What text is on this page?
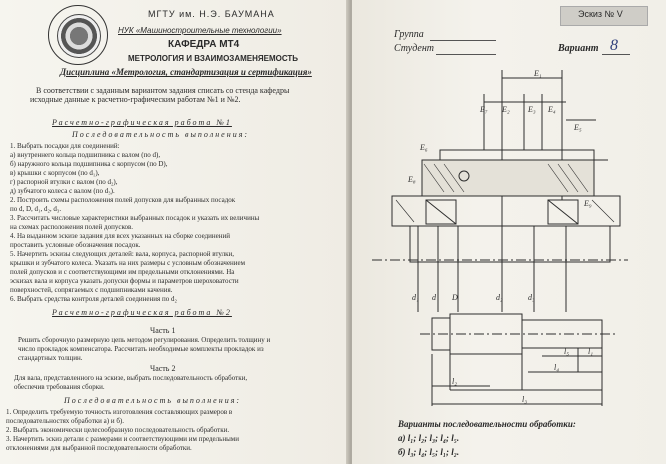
МГТУ им. Н.Э. БАУМАНА
НУК «Машиностроительные технологии»
КАФЕДРА МТ4
МЕТРОЛОГИЯ И ВЗАИМОЗАМЕНЯЕМОСТЬ
Дисциплина «Метрология, стандартизация и сертификация»
В соответствии с заданным вариантом задания списать со стенда кафедры
исходные данные к расчетно-графическим работам №1 и №2.
Расчетно-графическая работа №1
Последовательность выполнения:
1. Выбрать посадки для соединений:
а) внутреннего кольца подшипника с валом (по d),
б) наружного кольца подшипника с корпусом (по D),
в) крышки с корпусом (по d₁),
г) распорной втулки с валом (по d₂),
д) зубчатого колеса с валом (по d₃).
2. Построить схемы расположения полей допусков для выбранных посадок
по d, D, d₁, d₂, d₃.
3. Рассчитать числовые характеристики выбранных посадок и указать их величины
на схемах расположения полей допусков.
4. На выданном эскизе задания для всех указанных на сборке соединений
проставить условные обозначения посадок.
5. Начертить эскизы следующих деталей: вала, корпуса, распорной втулки,
крышки и зубчатого колеса. Указать на них размеры с условным обозначением
полей допусков и с соответствующими им предельными отклонениями. На
эскизах вала и корпуса указать допуски формы и параметров шероховатости
поверхностей, сопрягаемых с подшипниками качения.
6. Выбрать средства контроля деталей соединения по d₂
Расчетно-графическая работа №2
Часть 1
Решить сборочную размерную цепь методом регулирования. Определить толщину и
число прокладок компенсатора. Рассчитать необходимые комплекты прокладок из
стандартных толщин.
Часть 2
Для вала, представленного на эскизе, выбрать последовательность обработки,
обеспечив требования сборки.
Последовательность выполнения:
1. Определить требуемую точность изготовления составляющих размеров в
последовательностях обработки а) и б).
2. Выбрать экономически целесообразную последовательность обработки.
3. Начертить эскиз детали с размерами и соответствующими им предельными
отклонениями для выбранной последовательности обработки.
Эскиз № V
Группа
Студент	Вариант 8
E₁
E₂ E₃ E₄
E₅
E₆
E₇
E₈
E₉
d₁ d D	d₂	d₃
l₁
l₂
l₃
l₄
l₅
Варианты последовательности обработки:
а) l₁; l₂; l₃; l₄; l₅.
б) l₃; l₄; l₅; l₁; l₂.
